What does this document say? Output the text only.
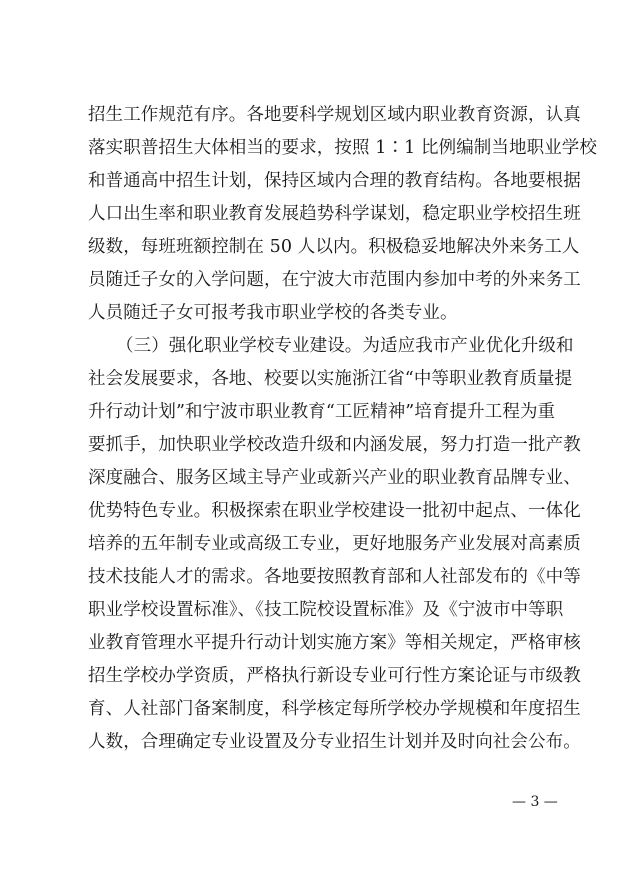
招生工作规范有序。各地要科学规划区域内职业教育资源，认真
落实职普招生大体相当的要求，按照 1∶1 比例编制当地职业学校
和普通高中招生计划，保持区域内合理的教育结构。各地要根据
人口出生率和职业教育发展趋势科学谋划，稳定职业学校招生班
级数，每班班额控制在 50 人以内。积极稳妥地解决外来务工人
员随迁子女的入学问题，在宁波大市范围内参加中考的外来务工
人员随迁子女可报考我市职业学校的各类专业。
（三）强化职业学校专业建设。为适应我市产业优化升级和
社会发展要求，各地、校要以实施浙江省“中等职业教育质量提
升行动计划”和宁波市职业教育“工匠精神”培育提升工程为重
要抓手，加快职业学校改造升级和内涵发展，努力打造一批产教
深度融合、服务区域主导产业或新兴产业的职业教育品牌专业、
优势特色专业。积极探索在职业学校建设一批初中起点、一体化
培养的五年制专业或高级工专业，更好地服务产业发展对高素质
技术技能人才的需求。各地要按照教育部和人社部发布的《中等
职业学校设置标准》、《技工院校设置标准》及《宁波市中等职
业教育管理水平提升行动计划实施方案》等相关规定，严格审核
招生学校办学资质，严格执行新设专业可行性方案论证与市级教
育、人社部门备案制度，科学核定每所学校办学规模和年度招生
人数，合理确定专业设置及分专业招生计划并及时向社会公布。
— 3 —
